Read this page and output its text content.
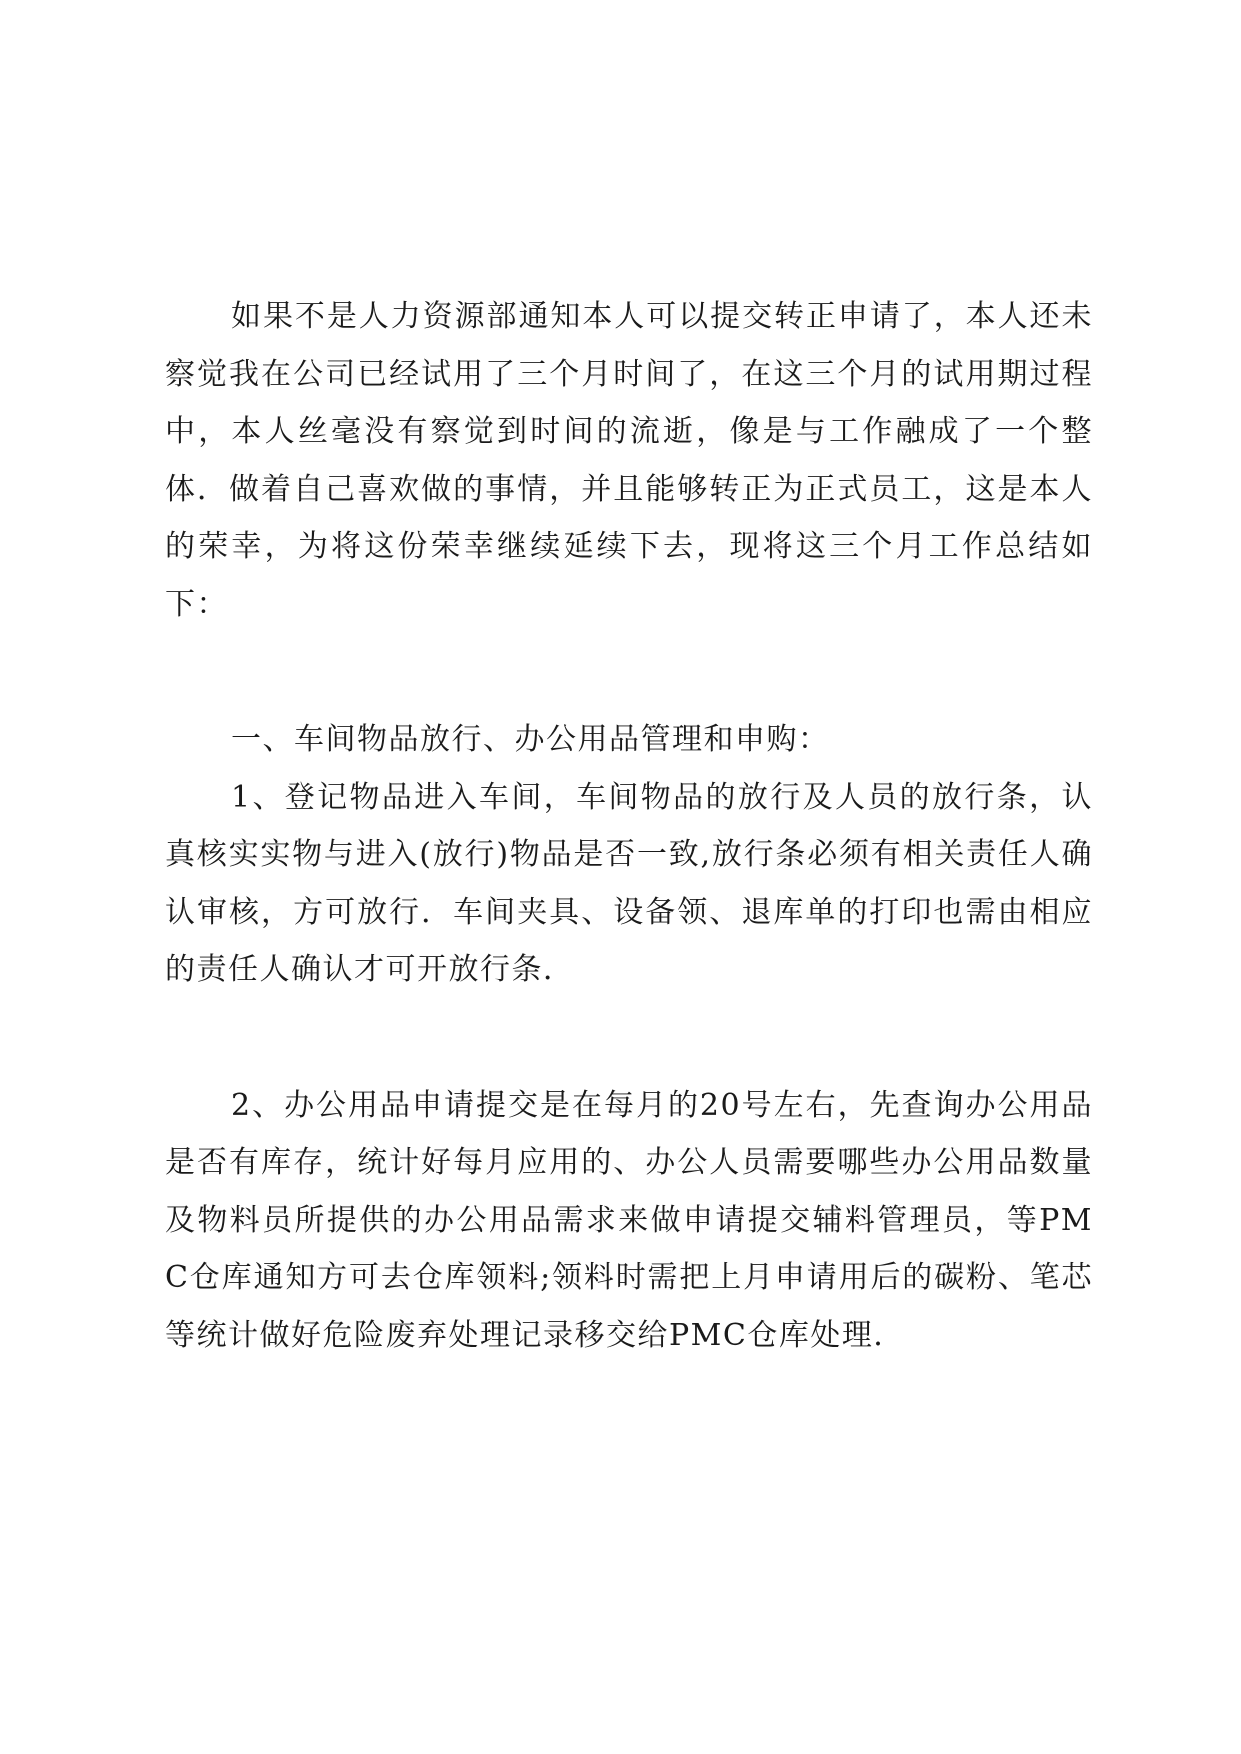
如果不是人力资源部通知本人可以提交转正申请了，本人还未察觉我在公司已经试用了三个月时间了，在这三个月的试用期过程中，本人丝毫没有察觉到时间的流逝，像是与工作融成了一个整体．做着自己喜欢做的事情，并且能够转正为正式员工，这是本人的荣幸，为将这份荣幸继续延续下去，现将这三个月工作总结如下：

一、车间物品放行、办公用品管理和申购：

1、登记物品进入车间，车间物品的放行及人员的放行条，认真核实实物与进入(放行)物品是否一致,放行条必须有相关责任人确认审核，方可放行．车间夹具、设备领、退库单的打印也需由相应的责任人确认才可开放行条．

2、办公用品申请提交是在每月的20号左右，先查询办公用品是否有库存，统计好每月应用的、办公人员需要哪些办公用品数量及物料员所提供的办公用品需求来做申请提交辅料管理员，等PMC仓库通知方可去仓库领料;领料时需把上月申请用后的碳粉、笔芯等统计做好危险废弃处理记录移交给PMC仓库处理．
